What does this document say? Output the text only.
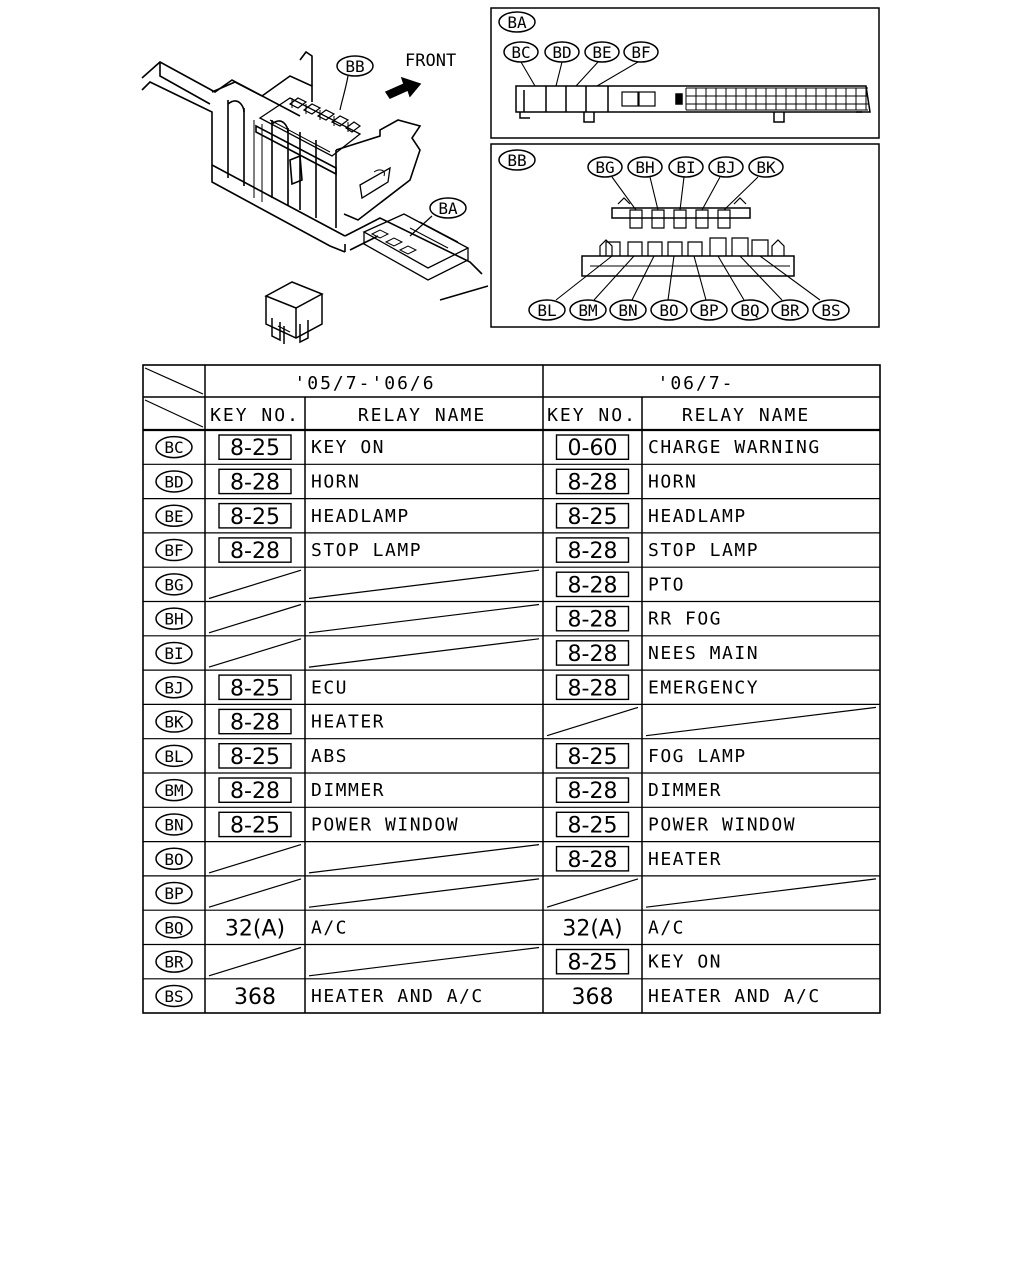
FRONT
BB
BA
BA
BC BD BE BF
BB	BG BH BI BJ BK
BL BM BN BO BP BQ BR BS
'05/7-'06/6	'06/7-
KEY NO.	RELAY NAME	KEY NO. RELAY NAME
BC 8-25 KEY ON	0-60 CHARGE WARNING
BD 8-28 HORN	8-28 HORN
BE 8-25 HEADLAMP	8-25 HEADLAMP
BF 8-28 STOP LAMP	8-28 STOP LAMP
BG	8-28 PTO
BH	8-28 RR FOG
BI	8-28 NEES MAIN
BJ 8-25 ECU	8-28 EMERGENCY
BK 8-28 HEATER
BL 8-25 ABS	8-25 FOG LAMP
BM 8-28 DIMMER	8-28 DIMMER
BN 8-25 POWER WINDOW	8-25 POWER WINDOW
BO	8-28 HEATER
BP
BQ 32(A) A/C	32(A) A/C
BR	8-25 KEY ON
BS 368 HEATER AND A/C	368 HEATER AND A/C
